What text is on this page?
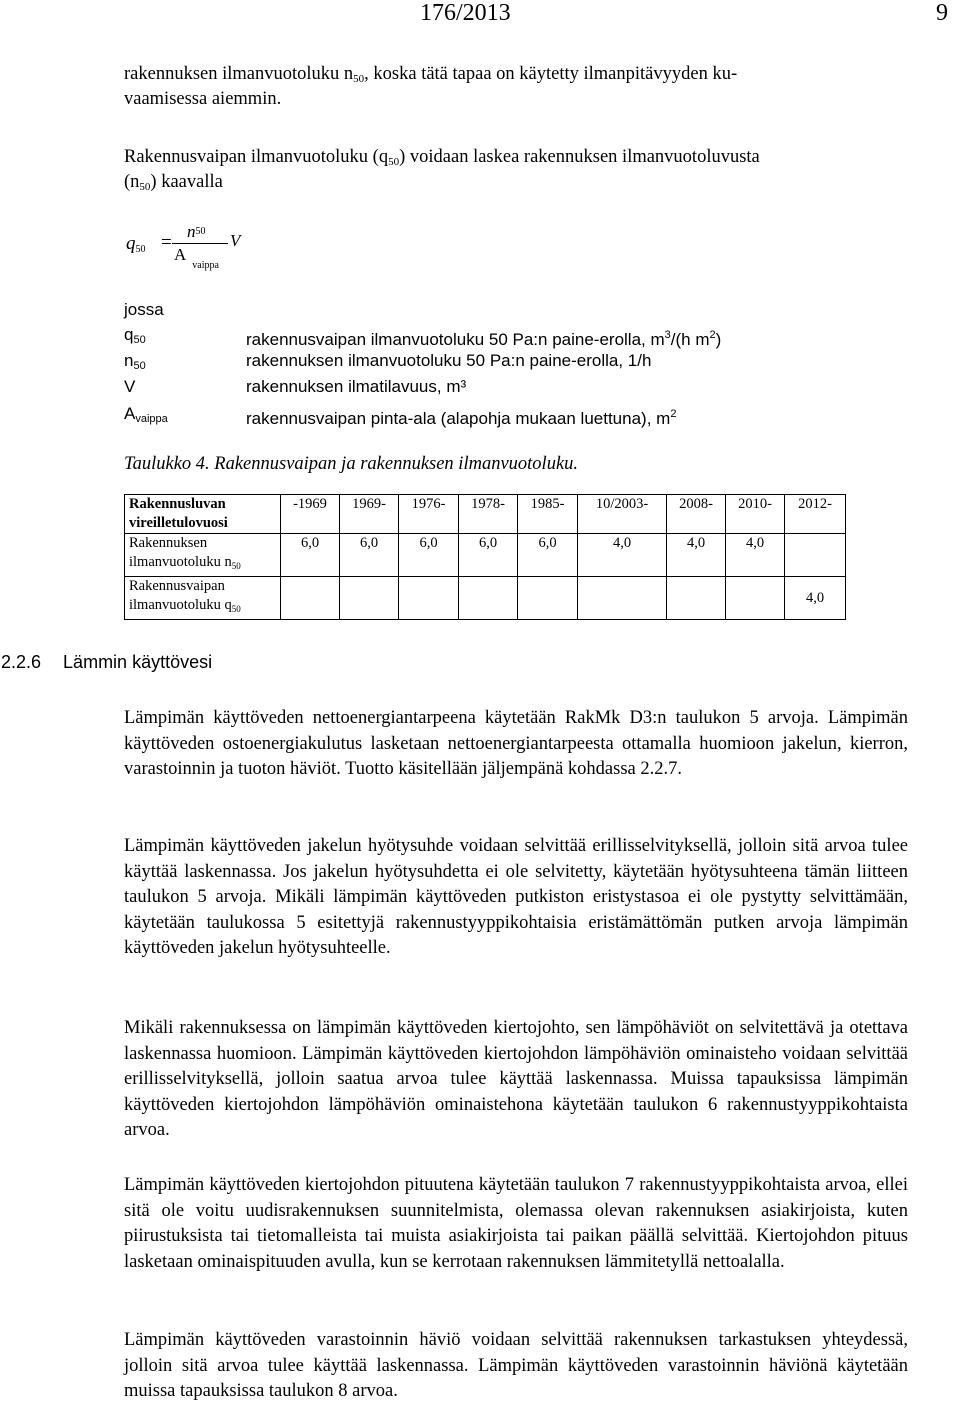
176/2013	9
rakennuksen ilmanvuotoluku $n_{50}$, koska tätä tapaa on käytetty ilmanpitävyyden ku-
vaamisessa aiemmin.
Rakennusvaipan ilmanvuotoluku $(q_{50})$ voidaan laskea rakennuksen ilmanvuotoluvusta
$(n_{50})$ kaavalla
$q_{50}$ =
$n_{50}$
$A_{vaippa}$
V
jossa
$q_{50}$	rakennusvaipan ilmanvuotoluku 50 Pa:n paine-erolla, $m^3/(h$ $m^2$)
$n_{50}$	rakennuksen ilmanvuotoluku 50 Pa:n paine-erolla, 1/h
V	rakennuksen ilmatilavuus, m³
$A_{vaippa}$	rakennusvaipan pinta-ala (alapohja mukaan luettuna), $m^2$
Taulukko 4. Rakennusvaipan ja rakennuksen ilmanvuotoluku.
Rakennusluvan vireilletulovuosi	-1969	1969-	1976-	1978-	1985-	10/2003-	2008-	2010-	2012-
Rakennuksen ilmanvuotoluku $n_{50}$	6,0	6,0	6,0	6,0	6,0	4,0	4,0	4,0	
Rakennusvaipan ilmanvuotoluku $q_{50}$									4,0
2.2.6 Lämmin käyttövesi

Lämpimän käyttöveden nettoenergiantarpeena käytetään RakMk D3:n taulukon 5 arvoja. Lämpimän käyttöveden ostoenergiakulutus lasketaan nettoenergiantarpeesta ottamalla huomioon jakelun, kierron, varastoinnin ja tuoton häviöt. Tuotto käsitellään jäljempänä kohdassa 2.2.7.

Lämpimän käyttöveden jakelun hyötysuhde voidaan selvittää erillisselvityksellä, jolloin sitä arvoa tulee käyttää laskennassa. Jos jakelun hyötysuhdetta ei ole selvitetty, käytetään hyötysuhteena tämän liitteen taulukon 5 arvoja. Mikäli lämpimän käyttöveden putkiston eristystasoa ei ole pystytty selvittämään, käytetään taulukossa 5 esitettyjä rakennustyyppikohtaisia eristämättömän putken arvoja lämpimän käyttöveden jakelun hyötysuhteelle.

Mikäli rakennuksessa on lämpimän käyttöveden kiertojohto, sen lämpöhäviöt on selvitettävä ja otettava laskennassa huomioon. Lämpimän käyttöveden kiertojohdon lämpöhäviön ominaisteho voidaan selvittää erillisselvityksellä, jolloin saatua arvoa tulee käyttää laskennassa. Muissa tapauksissa lämpimän käyttöveden kiertojohdon lämpöhäviön ominaistehona käytetään taulukon 6 rakennustyyppikohtaista arvoa.

Lämpimän käyttöveden kiertojohdon pituutena käytetään taulukon 7 rakennustyyppikohtaista arvoa, ellei sitä ole voitu uudisrakennuksen suunnitelmista, olemassa olevan rakennuksen asiakirjoista, kuten piirustuksista tai tietomalleista tai muista asiakirjoista tai paikan päällä selvittää. Kiertojohdon pituus lasketaan ominaispituuden avulla, kun se kerrotaan rakennuksen lämmitetyllä nettoalalla.

Lämpimän käyttöveden varastoinnin häviö voidaan selvittää rakennuksen tarkastuksen yhteydessä, jolloin sitä arvoa tulee käyttää laskennassa. Lämpimän käyttöveden varastoinnin häviönä käytetään muissa tapauksissa taulukon 8 arvoa.
